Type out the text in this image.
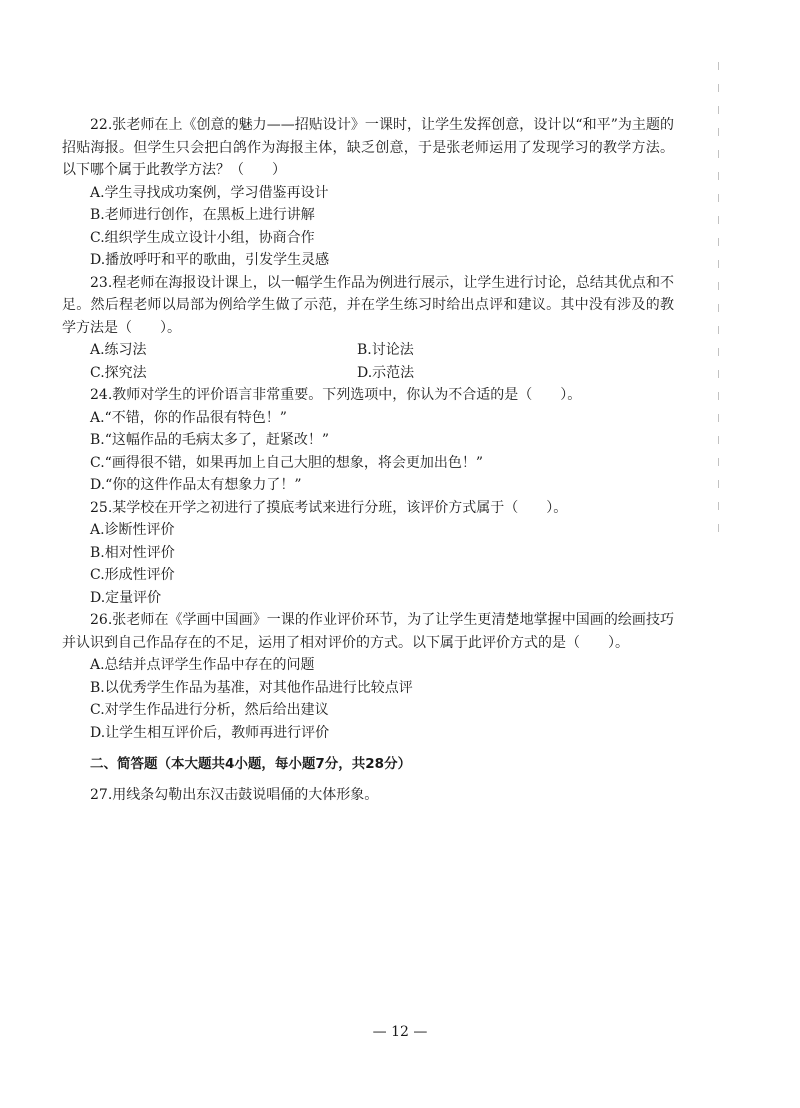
22.张老师在上《创意的魅力——招贴设计》一课时，让学生发挥创意，设计以“和平”为主题的招贴海报。但学生只会把白鸽作为海报主体，缺乏创意，于是张老师运用了发现学习的教学方法。以下哪个属于此教学方法？（　　）

A.学生寻找成功案例，学习借鉴再设计

B.老师进行创作，在黑板上进行讲解

C.组织学生成立设计小组，协商合作

D.播放呼吁和平的歌曲，引发学生灵感

23.程老师在海报设计课上，以一幅学生作品为例进行展示，让学生进行讨论，总结其优点和不足。然后程老师以局部为例给学生做了示范，并在学生练习时给出点评和建议。其中没有涉及的教学方法是（　　）。

A.练习法	B.讨论法

C.探究法	D.示范法

24.教师对学生的评价语言非常重要。下列选项中，你认为不合适的是（　　）。

A.“不错，你的作品很有特色！”

B.“这幅作品的毛病太多了，赶紧改！”

C.“画得很不错，如果再加上自己大胆的想象，将会更加出色！”

D.“你的这件作品太有想象力了！”

25.某学校在开学之初进行了摸底考试来进行分班，该评价方式属于（　　）。

A.诊断性评价

B.相对性评价

C.形成性评价

D.定量评价

26.张老师在《学画中国画》一课的作业评价环节，为了让学生更清楚地掌握中国画的绘画技巧并认识到自己作品存在的不足，运用了相对评价的方式。以下属于此评价方式的是（　　）。

A.总结并点评学生作品中存在的问题

B.以优秀学生作品为基准，对其他作品进行比较点评

C.对学生作品进行分析，然后给出建议

D.让学生相互评价后，教师再进行评价

二、简答题（本大题共4小题，每小题7分，共28分）

27.用线条勾勒出东汉击鼓说唱俑的大体形象。

— 12 —
